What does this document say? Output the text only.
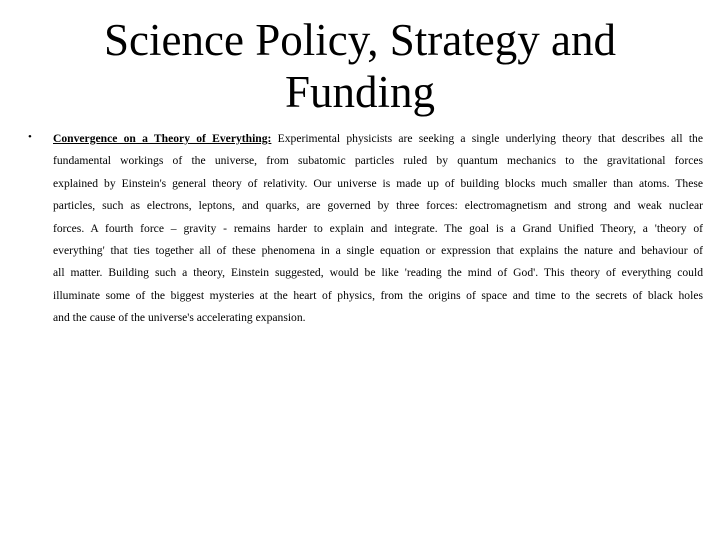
Science Policy, Strategy and
Funding
• Convergence on a Theory of Everything: Experimental physicists are seeking a single underlying theory that describes all the
fundamental workings of the universe, from subatomic particles ruled by quantum mechanics to the gravitational forces
explained by Einstein's general theory of relativity. Our universe is made up of building blocks much smaller than atoms. These
particles, such as electrons, leptons, and quarks, are governed by three forces: electromagnetism and strong and weak nuclear
forces. A fourth force – gravity - remains harder to explain and integrate. The goal is a Grand Unified Theory, a 'theory of
everything' that ties together all of these phenomena in a single equation or expression that explains the nature and behaviour of
all matter. Building such a theory, Einstein suggested, would be like 'reading the mind of God'. This theory of everything could
illuminate some of the biggest mysteries at the heart of physics, from the origins of space and time to the secrets of black holes
and the cause of the universe's accelerating expansion.
